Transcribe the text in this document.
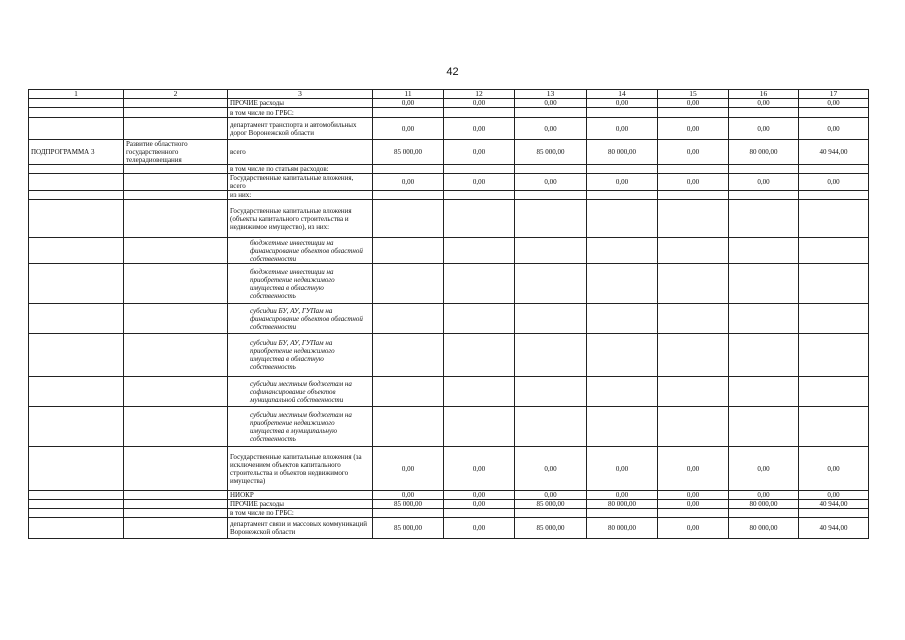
42
1	2	3	11	12	13	14	15	16	17
		ПРОЧИЕ расходы	0,00	0,00	0,00	0,00	0,00	0,00	0,00
		в том числе по ГРБС:							
		департамент транспорта и автомобильных дорог Воронежской области	0,00	0,00	0,00	0,00	0,00	0,00	0,00
ПОДПРОГРАММА 3	Развитие областного государственного телерадиовещания	всего	85 000,00	0,00	85 000,00	80 000,00	0,00	80 000,00	40 944,00
		в том числе по статьям расходов:							
		Государственные капитальные вложения, всего	0,00	0,00	0,00	0,00	0,00	0,00	0,00
		из них:							
		Государственные капитальные вложения (объекты капитального строительства и недвижимое имущество), из них:							
		бюджетные инвестиции на финансирование объектов областной собственности							
		бюджетные инвестиции на приобретение недвижимого имущества в областную собственность							
		субсидии БУ, АУ, ГУПам на финансирование объектов областной собственности							
		субсидии БУ, АУ, ГУПам на приобретение недвижимого имущества в областную собственность							
		субсидии местным бюджетам на софинансирование объектов муниципальной собственности							
		субсидии местным бюджетам на приобретение недвижимого имущества в муниципальную собственность							
		Государственные капитальные вложения (за исключением объектов капитального строительства и объектов недвижимого имущества)	0,00	0,00	0,00	0,00	0,00	0,00	0,00
		НИОКР	0,00	0,00	0,00	0,00	0,00	0,00	0,00
		ПРОЧИЕ расходы	85 000,00	0,00	85 000,00	80 000,00	0,00	80 000,00	40 944,00
		в том числе по ГРБС:							
		департамент связи и массовых коммуникаций Воронежской области	85 000,00	0,00	85 000,00	80 000,00	0,00	80 000,00	40 944,00
